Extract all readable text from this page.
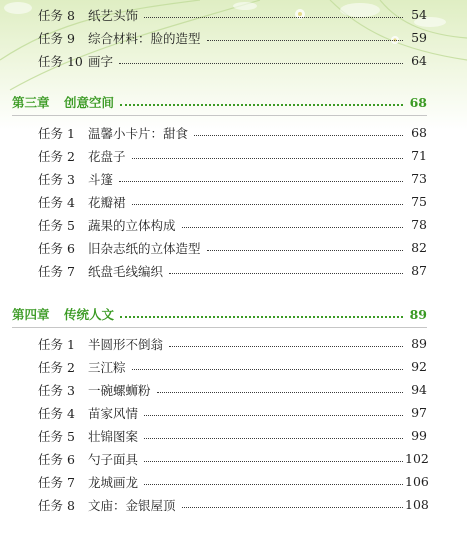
任务 8	纸艺头饰	54
任务 9	综合材料：脸的造型	59
任务 10 画字	64
第三章	创意空间	68
任务 1	温馨小卡片：甜食	68
任务 2	花盘子	71
任务 3	斗篷	73
任务 4	花瓣裙	75
任务 5	蔬果的立体构成	78
任务 6	旧杂志纸的立体造型	82
任务 7	纸盘毛线编织	87
第四章	传统人文	89
任务 1	半圆形不倒翁	89
任务 2	三江粽	92
任务 3	一碗螺蛳粉	94
任务 4	苗家风情	97
任务 5	壮锦图案	99
任务 6	勺子面具	102
任务 7	龙城画龙	106
任务 8	文庙：金银屋顶	108
